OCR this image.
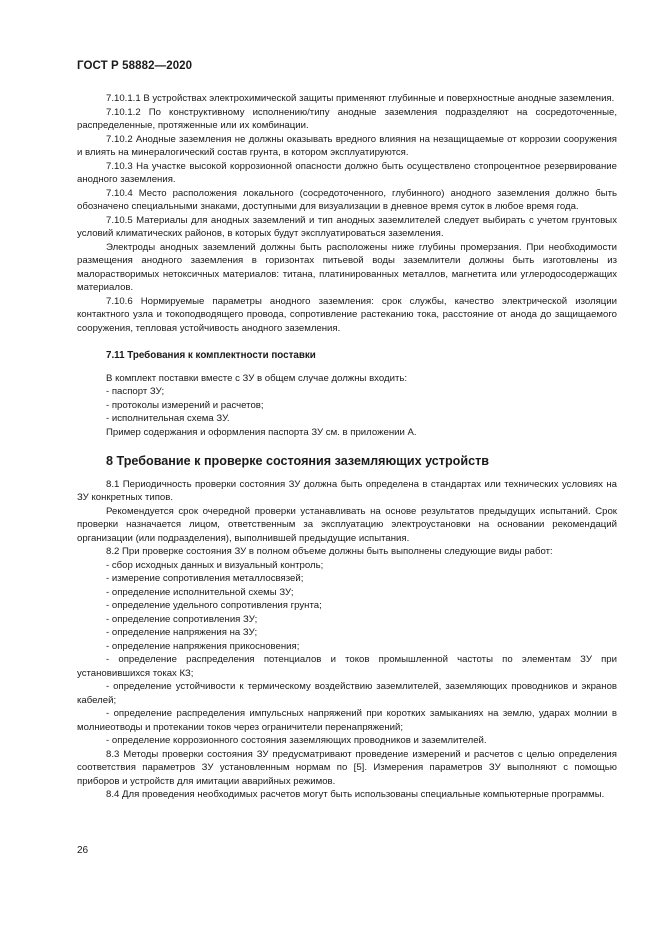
ГОСТ Р 58882—2020

7.10.1.1 В устройствах электрохимической защиты применяют глубинные и поверхностные анодные заземления.

7.10.1.2 По конструктивному исполнению/типу анодные заземления подразделяют на сосредоточенные, распределенные, протяженные или их комбинации.

7.10.2 Анодные заземления не должны оказывать вредного влияния на незащищаемые от коррозии сооружения и влиять на минералогический состав грунта, в котором эксплуатируются.

7.10.3 На участке высокой коррозионной опасности должно быть осуществлено стопроцентное резервирование анодного заземления.

7.10.4 Место расположения локального (сосредоточенного, глубинного) анодного заземления должно быть обозначено специальными знаками, доступными для визуализации в дневное время суток в любое время года.

7.10.5 Материалы для анодных заземлений и тип анодных заземлителей следует выбирать с учетом грунтовых условий климатических районов, в которых будут эксплуатироваться заземления.

Электроды анодных заземлений должны быть расположены ниже глубины промерзания. При необходимости размещения анодного заземления в горизонтах питьевой воды заземлители должны быть изготовлены из малорастворимых нетоксичных материалов: титана, платинированных металлов, магнетита или углеродосодержащих материалов.

7.10.6 Нормируемые параметры анодного заземления: срок службы, качество электрической изоляции контактного узла и токоподводящего провода, сопротивление растеканию тока, расстояние от анода до защищаемого сооружения, тепловая устойчивость анодного заземления.

7.11 Требования к комплектности поставки

В комплект поставки вместе с ЗУ в общем случае должны входить:

- паспорт ЗУ;

- протоколы измерений и расчетов;

- исполнительная схема ЗУ.

Пример содержания и оформления паспорта ЗУ см. в приложении А.

8 Требование к проверке состояния заземляющих устройств

8.1 Периодичность проверки состояния ЗУ должна быть определена в стандартах или технических условиях на ЗУ конкретных типов.

Рекомендуется срок очередной проверки устанавливать на основе результатов предыдущих испытаний. Срок проверки назначается лицом, ответственным за эксплуатацию электроустановки на основании рекомендаций организации (или подразделения), выполнившей предыдущие испытания.

8.2 При проверке состояния ЗУ в полном объеме должны быть выполнены следующие виды работ:

- сбор исходных данных и визуальный контроль;

- измерение сопротивления металлосвязей;

- определение исполнительной схемы ЗУ;

- определение удельного сопротивления грунта;

- определение сопротивления ЗУ;

- определение напряжения на ЗУ;

- определение напряжения прикосновения;

- определение распределения потенциалов и токов промышленной частоты по элементам ЗУ при установившихся токах КЗ;

- определение устойчивости к термическому воздействию заземлителей, заземляющих проводников и экранов кабелей;

- определение распределения импульсных напряжений при коротких замыканиях на землю, ударах молнии в молниеотводы и протекании токов через ограничители перенапряжений;

- определение коррозионного состояния заземляющих проводников и заземлителей.

8.3 Методы проверки состояния ЗУ предусматривают проведение измерений и расчетов с целью определения соответствия параметров ЗУ установленным нормам по [5]. Измерения параметров ЗУ выполняют с помощью приборов и устройств для имитации аварийных режимов.

8.4 Для проведения необходимых расчетов могут быть использованы специальные компьютерные программы.

26
